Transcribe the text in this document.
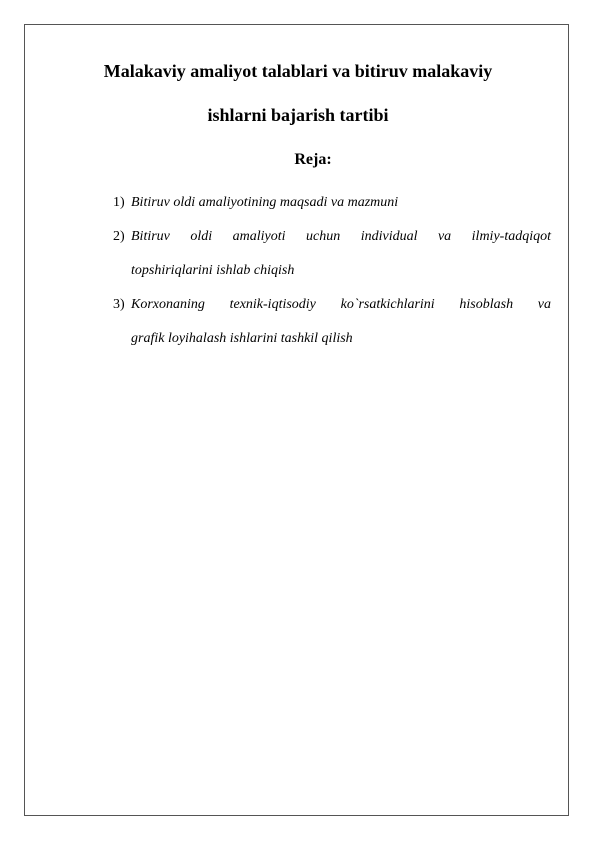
Malakaviy amaliyot talablari va bitiruv malakaviy
ishlarni bajarish tartibi
Reja:
1) Bitiruv oldi amaliyotining maqsadi va mazmuni
2) Bitiruv oldi amaliyoti uchun individual va ilmiy-tadqiqot
topshiriqlarini ishlab chiqish
3) Korxonaning texnik-iqtisodiy ko`rsatkichlarini hisoblash va
grafik loyihalash ishlarini tashkil qilish
